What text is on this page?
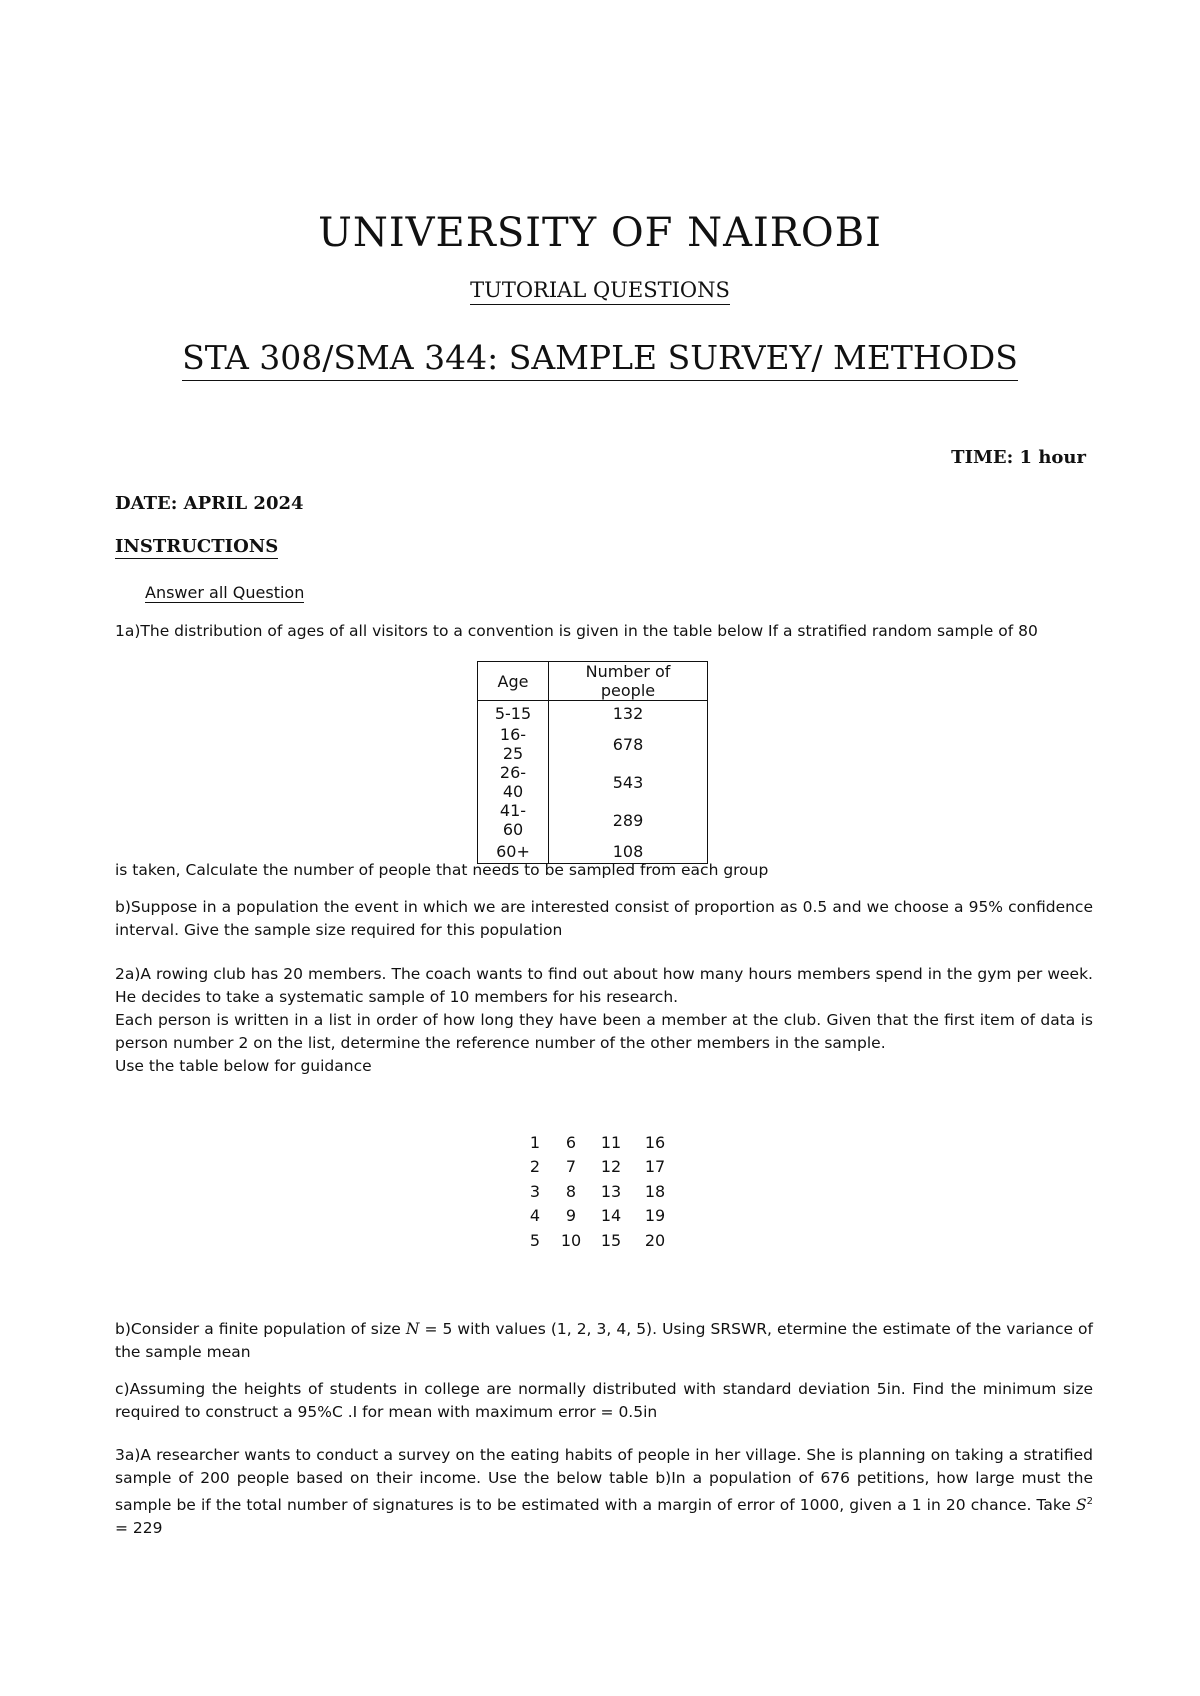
UNIVERSITY OF NAIROBI
TUTORIAL QUESTIONS
STA 308/SMA 344: SAMPLE SURVEY/ METHODS
TIME: 1 hour
DATE: APRIL 2024
INSTRUCTIONS
Answer all Question
1a)The distribution of ages of all visitors to a convention is given in the table below If a stratified random sample of 80
Age	Number of people
5-15	132
16-25	678
26-40	543
41-60	289
60+	108
is taken, Calculate the number of people that needs to be sampled from each group
b)Suppose in a population the event in which we are interested consist of proportion as 0.5 and we choose a 95% confidence interval. Give the sample size required for this population
2a)A rowing club has 20 members. The coach wants to find out about how many hours members spend in the gym per week. He decides to take a systematic sample of 10 members for his research.
Each person is written in a list in order of how long they have been a member at the club. Given that the first item of data is person number 2 on the list, determine the reference number of the other members in the sample.
Use the table below for guidance
1	6	11	16
2	7	12	17
3	8	13	18
4	9	14	19
5	10	15	20
b)Consider a finite population of size N = 5 with values (1, 2, 3, 4, 5). Using SRSWR, etermine the estimate of the variance of the sample mean
c)Assuming the heights of students in college are normally distributed with standard deviation 5in. Find the minimum size required to construct a 95%C .I for mean with maximum error = 0.5in
3a)A researcher wants to conduct a survey on the eating habits of people in her village. She is planning on taking a stratified sample of 200 people based on their income. Use the below table b)In a population of 676 petitions, how large must the sample be if the total number of signatures is to be estimated with a margin of error of 1000, given a 1 in 20 chance. Take $S^2 = 229$
